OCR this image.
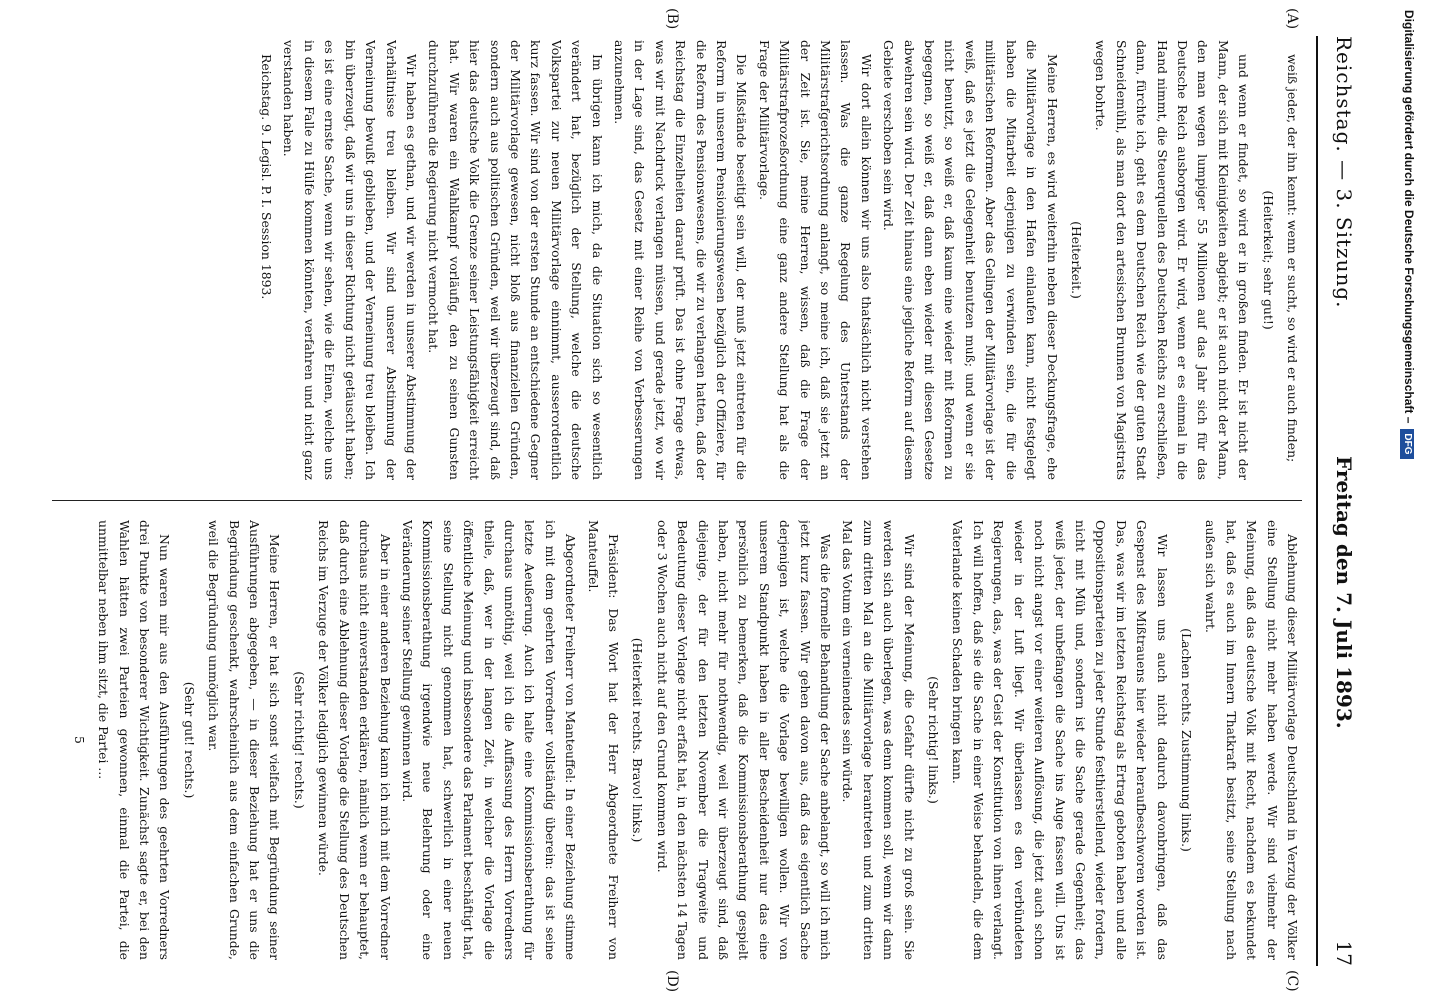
Reichstag. — 3. Sitzung.
Freitag den 7. Juli 1893.
17
(A)
(B)
(C)
(D)

weiß jeder, der ihn kennt: wenn er sucht, so wird er auch finden;

(Heiterkeit; sehr gut!)

und wenn er findet, so wird er in großen finden. Er ist nicht der Mann, der sich mit Kleinigkeiten abgiebt; er ist auch nicht der Mann, den man wegen lumpiger 55 Millionen auf das Jahr sich für das Deutsche Reich ausborgen wird. Er wird, wenn er es einmal in die Hand nimmt, die Steuerquellen des Deutschen Reichs zu erschließen, dann, fürchte ich, geht es dem Deutschen Reich wie der guten Stadt Schneidemühl, als man dort den artesischen Brunnen von Magistrats wegen bohrte.

(Heiterkeit.)

Meine Herren, es wird weiterhin neben dieser Deckungsfrage, ehe die Militärvorlage in den Hafen einlaufen kann, nicht festgelegt haben die Mitarbeit derjenigen zu verwinden sein, die für die militärischen Reformen. Aber das Gelingen der Militärvorlage ist der weiß, daß es jetzt die Gelegenheit benutzen muß; und wenn er sie nicht benutzt, so weiß er, daß kaum eine wieder mit Reformen zu begegnen, so weiß er, daß dann eben wieder mit diesen Gesetze abwehren sein wird. Der Zeit hinaus eine jegliche Reform auf diesem Gebiete verschoben sein wird.

Wir dort allein können wir uns also thatsächlich nicht verstehen lassen. Was die ganze Regelung des Unterstands der Militärstrafgerichtsordnung anlangt, so meine ich, daß sie jetzt an der Zeit ist. Sie, meine Herren, wissen, daß die Frage der Militärstrafprozeßordnung eine ganz andere Stellung hat als die Frage der Militärvorlage.

Die Mißstände beseitigt sein will, der muß jetzt eintreten für die Reform in unserem Pensionierungswesen bezüglich der Offiziere, für die Reform des Pensionswesens, die wir zu verlangen hatten, daß der Reichstag die Einzelheiten darauf prüft. Das ist ohne Frage etwas, was wir mit Nachdruck verlangen müssen, und gerade jetzt, wo wir in der Lage sind, das Gesetz mit einer Reihe von Verbesserungen anzunehmen.

Im übrigen kann ich mich, da die Situation sich so wesentlich verändert hat, bezüglich der Stellung, welche die deutsche Volkspartei zur neuen Militärvorlage einnimmt, ausserordentlich kurz fassen. Wir sind von der ersten Stunde an entschiedene Gegner der Militärvorlage gewesen, nicht bloß aus finanziellen Gründen, sondern auch aus politischen Gründen, weil wir überzeugt sind, daß hier das deutsche Volk die Grenze seiner Leistungsfähigkeit erreicht hat. Wir waren ein Wahlkampf vorläufig, den zu seinen Gunsten durchzuführen die Regierung nicht vermocht hat.

Wir haben es gethan, und wir werden in unserer Abstimmung der Verhältnisse treu bleiben. Wir sind unserer Abstimmung der Verneinung bewußt geblieben, und der Verneinung treu bleiben. Ich bin überzeugt, daß wir uns in dieser Richtung nicht getäuscht haben; es ist eine ernste Sache, wenn wir sehen, wie die Einen, welche uns in diesem Falle zu Hülfe kommen könnten, verfahren und nicht ganz verstanden haben.

Reichstag. 9. Legisl. P. I. Session 1893.

Ablehnung dieser Militärvorlage Deutschland in Verzug der Völker eine Stellung nicht mehr haben werde. Wir sind vielmehr der Meinung, daß das deutsche Volk mit Recht, nachdem es bekundet hat, daß es auch im Innern Thatkraft besitzt, seine Stellung nach außen sich wahrt.

(Lachen rechts. Zustimmung links.)

Wir lassen uns auch nicht dadurch davonbringen, daß das Gespenst des Mißtrauens hier wieder heraufbeschworen worden ist. Das, was wir im letzten Reichstag als Ertrag geboten haben und alle Oppositionsparteien zu jeder Stunde festhierstellend, wieder fordern, nicht mit Müh und, sondern ist die Sache gerade Gegenheit; das weiß jeder, der unbefangen die Sache ins Auge fassen will. Uns ist noch nicht angst vor einer weiteren Auflösung, die jetzt auch schon wieder in der Luft liegt. Wir überlassen es den verbündeten Regierungen, das, was der Geist der Konstitution von ihnen verlangt. Ich will hoffen, daß sie die Sache in einer Weise behandeln, die dem Vaterlande keinen Schaden bringen kann.

(Sehr richtig! links.)

Wir sind der Meinung, die Gefahr dürfte nicht zu groß sein. Sie werden sich auch überlegen, was denn kommen soll, wenn wir dann zum dritten Mal an die Militärvorlage herantreten und zum dritten Mal das Votum ein verneinendes sein würde.

Was die formelle Behandlung der Sache anbelangt, so will ich mich jetzt kurz fassen. Wir gehen davon aus, daß das eigentlich Sache derjenigen ist, welche die Vorlage bewilligen wollen. Wir von unserem Standpunkt haben in aller Bescheidenheit nur das eine persönlich zu bemerken, daß die Kommissionsberathung gespielt haben, nicht mehr für nothwendig, weil wir überzeugt sind, daß diejenige, der für den letzten November die Tragweite und Bedeutung dieser Vorlage nicht erfaßt hat, in den nächsten 14 Tagen oder 3 Wochen auch nicht auf den Grund kommen wird.

(Heiterkeit rechts. Bravo! links.)

Präsident: Das Wort hat der Herr Abgeordnete Freiherr von Manteuffel.

Abgeordneter Freiherr von Manteuffel: In einer Beziehung stimme ich mit dem geehrten Vorredner vollständig überein: das ist seine letzte Aeußerung. Auch ich halte eine Kommissionsberathung für durchaus unnöthig, weil ich die Auffassung des Herrn Vorredners theile, daß, wer in der langen Zeit, in welcher die Vorlage die öffentliche Meinung und insbesondere das Parlament beschäftigt hat, seine Stellung nicht genommen hat, schwerlich in einer neuen Kommissionsberathung irgendwie neue Belehrung oder eine Veränderung seiner Stellung gewinnen wird.

Aber in einer anderen Beziehung kann ich mich mit dem Vorredner durchaus nicht einverstanden erklären, nämlich wenn er behauptet, daß durch eine Ablehnung dieser Vorlage die Stellung des Deutschen Reichs im Verzuge der Völker lediglich gewinnen würde.

(Sehr richtig! rechts.)

Meine Herren, er hat sich sonst vielfach mit Begründung seiner Ausführungen abgegeben, — in dieser Beziehung hat er uns die Begründung geschenkt, wahrscheinlich aus dem einfachen Grunde, weil die Begründung unmöglich war.

(Sehr gut! rechts.)

Nun waren mir aus den Ausführungen des geehrten Vorredners drei Punkte von besonderer Wichtigkeit. Zunächst sagte er, bei den Wahlen hätten zwei Parteien gewonnen, einmal die Partei, die unmittelbar neben ihm sitzt, die Partei ...

5

Digitalisierung gefördert durch die Deutsche Forschungsgemeinschaft –DFG
